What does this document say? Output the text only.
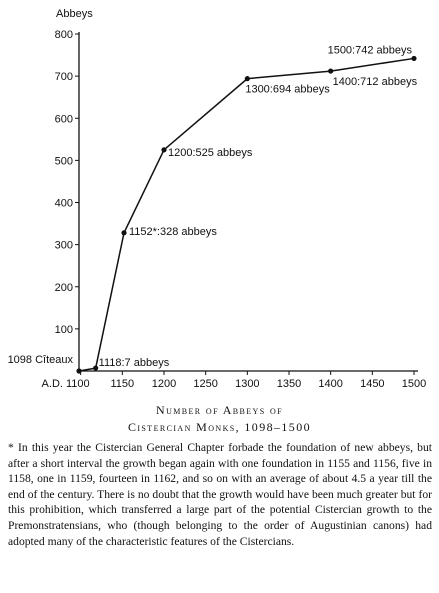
Abbeys
100
200
300
400
500
600
700
800
A.D. 1100 1150 1200 1250 1300 1350 1400 1450 1500
1098 Cîteaux 1118:7 abbeys
1152*:328 abbeys
1200:525 abbeys
1300:694 abbeys
1400:712 abbeys
1500:742 abbeys
Number of Abbeys of
Cistercian Monks, 1098–1500
* In this year the Cistercian General Chapter forbade the foundation of new abbeys, but after a short interval the growth began again with one foundation in 1155 and 1156, five in 1158, one in 1159, fourteen in 1162, and so on with an average of about 4.5 a year till the end of the century. There is no doubt that the growth would have been much greater but for this prohibition, which transferred a large part of the potential Cistercian growth to the Premonstratensians, who (though belonging to the order of Augustinian canons) had adopted many of the characteristic features of the Cistercians.
